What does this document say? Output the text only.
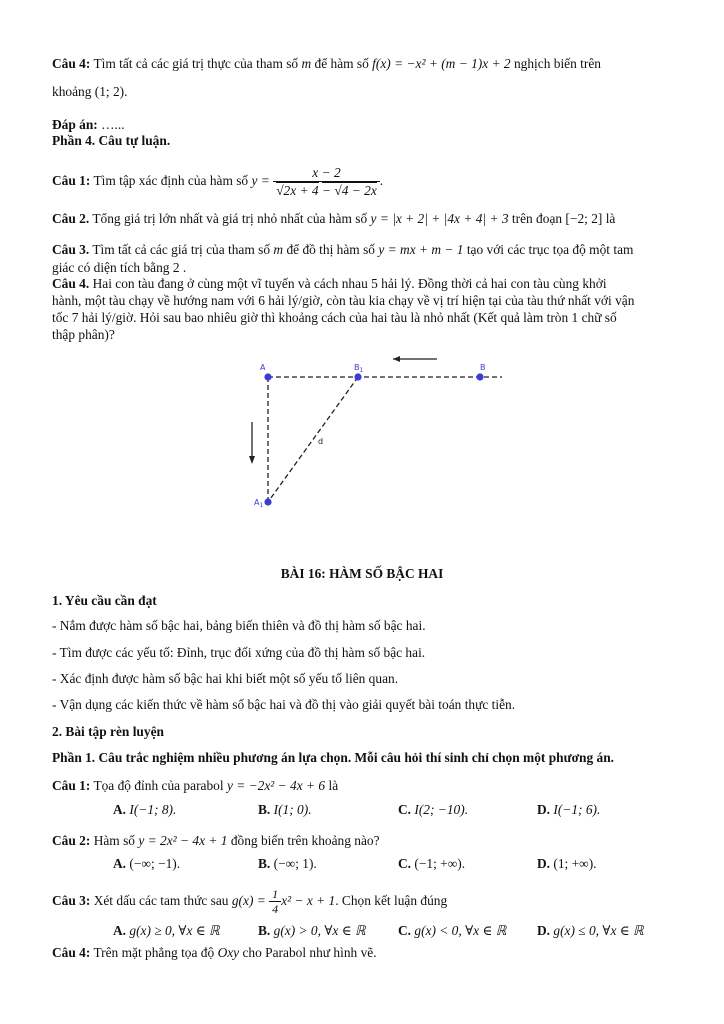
Câu 4: Tìm tất cả các giá trị thực của tham số m để hàm số f(x) = −x² + (m − 1)x + 2 nghịch biến trên
khoảng (1; 2).
Đáp án: …...
Phần 4. Câu tự luận.
Câu 1: Tìm tập xác định của hàm số $y = \frac{x - 2}{√2x + 4 - √4 - 2x}$ .
Câu 2. Tổng giá trị lớn nhất và giá trị nhỏ nhất của hàm số y = |x + 2| + |4x + 4| + 3 trên đoạn [−2; 2] là
Câu 3. Tìm tất cả các giá trị của tham số m để đồ thị hàm số y = mx + m − 1 tạo với các trục tọa độ một tam
giác có diện tích bằng 2 .
Câu 4. Hai con tàu đang ở cùng một vĩ tuyến và cách nhau 5 hải lý. Đồng thời cả hai con tàu cùng khởi
hành, một tàu chạy về hướng nam với 6 hải lý/giờ, còn tàu kia chạy về vị trí hiện tại của tàu thứ nhất với vận
tốc 7 hải lý/giờ. Hỏi sau bao nhiêu giờ thì khoảng cách của hai tàu là nhỏ nhất (Kết quả làm tròn 1 chữ số
thập phân)?
A	$B_1$	B
d
$A_1$
BÀI 16: HÀM SỐ BẬC HAI
1. Yêu cầu cần đạt
- Nắm được hàm số bậc hai, bảng biến thiên và đồ thị hàm số bậc hai.
- Tìm được các yếu tố: Đỉnh, trục đối xứng của đồ thị hàm số bậc hai.
- Xác định được hàm số bậc hai khi biết một số yếu tố liên quan.
- Vận dụng các kiến thức về hàm số bậc hai và đồ thị vào giải quyết bài toán thực tiễn.
2. Bài tập rèn luyện
Phần 1. Câu trắc nghiệm nhiều phương án lựa chọn. Mỗi câu hỏi thí sinh chỉ chọn một phương án.
Câu 1: Tọa độ đỉnh của parabol y = −2x² − 4x + 6 là
A. I(−1; 8).	B. I(1; 0).	C. I(2; −10).	D. I(−1; 6).
Câu 2: Hàm số y = 2x² − 4x + 1 đồng biến trên khoảng nào?
A. (−∞; −1).	B. (−∞; 1).	C. (−1; +∞).	D. (1; +∞).
Câu 3: Xét dấu các tam thức sau $g(x) = \frac{1}{4} x^2 - x + 1$. Chọn kết luận đúng
A. g(x) ≥ 0, ∀x ∈ ℝ	B. g(x) > 0, ∀x ∈ ℝ C. g(x) < 0, ∀x ∈ ℝ D. g(x) ≤ 0, ∀x ∈ ℝ
Câu 4: Trên mặt phẳng tọa độ Oxy cho Parabol như hình vẽ.
